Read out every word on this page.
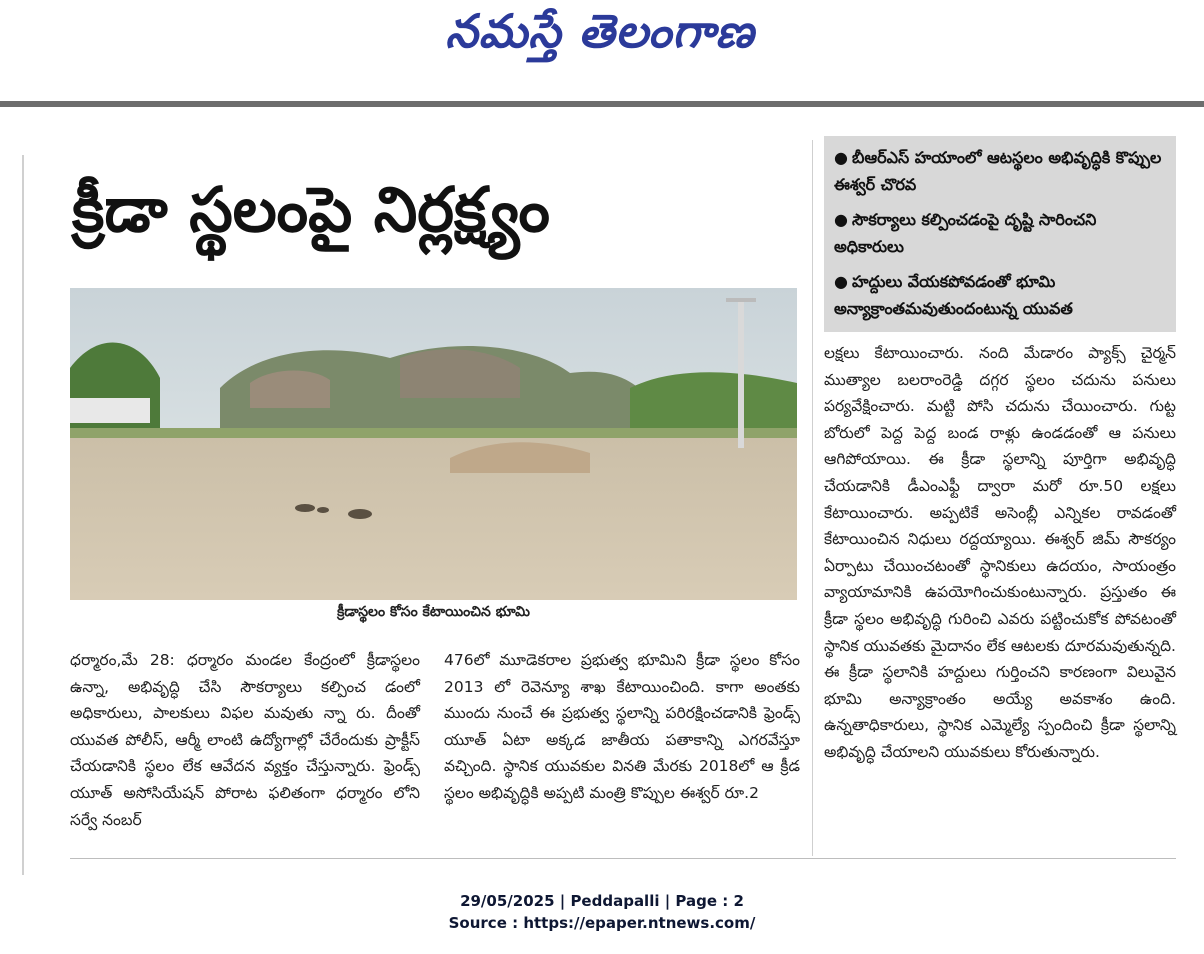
నమస్తే తెలంగాణ
క్రీడా స్థలంపై నిర్లక్ష్యం
● బీఆర్ఎస్ హయాంలో ఆటస్థలం అభివృద్ధికి కొప్పుల ఈశ్వర్ చొరవ
● సౌకర్యాలు కల్పించడంపై దృష్టి సారించని అధికారులు
● హద్దులు వేయకపోవడంతో భూమి అన్యాక్రాంతమవుతుందంటున్న యువత
క్రీడాస్థలం కోసం కేటాయించిన భూమి

ధర్మారం,మే 28: ధర్మారం మండల కేంద్రంలో క్రీడాస్థలం ఉన్నా, అభివృద్ధి చేసి సౌకర్యాలు కల్పించ డంలో అధికారులు, పాలకులు విఫల మవుతు న్నా రు. దీంతో యువత పోలీస్, ఆర్మీ లాంటి ఉద్యోగాల్లో చేరేందుకు ప్రాక్టీస్ చేయడానికి స్థలం లేక ఆవేదన వ్యక్తం చేస్తున్నారు. ఫ్రెండ్స్ యూత్ అసోసియేషన్ పోరాట ఫలితంగా ధర్మారం లోని సర్వే నంబర్

476లో మూడెకరాల ప్రభుత్వ భూమిని క్రీడా స్థలం కోసం 2013 లో రెవెన్యూ శాఖ కేటాయించింది. కాగా అంతకు ముందు నుంచే ఈ ప్రభుత్వ స్థలాన్ని పరిరక్షించడానికి ఫ్రెండ్స్ యూత్ ఏటా అక్కడ జాతీయ పతాకాన్ని ఎగరవేస్తూ వచ్చింది. స్థానిక యువకుల వినతి మేరకు 2018లో ఆ క్రీడ స్థలం అభివృద్ధికి అప్పటి మంత్రి కొప్పుల ఈశ్వర్ రూ.2

లక్షలు కేటాయించారు. నంది మేడారం ప్యాక్స్ చైర్మన్ ముత్యాల బలరాంరెడ్డి దగ్గర స్థలం చదును పనులు పర్యవేక్షించారు. మట్టి పోసి చదును చేయించారు. గుట్ట బోరులో పెద్ద పెద్ద బండ రాళ్లు ఉండడంతో ఆ పనులు ఆగిపోయాయి. ఈ క్రీడా స్థలాన్ని పూర్తిగా అభివృద్ధి చేయడానికి డీఎంఎఫ్టీ ద్వారా మరో రూ.50 లక్షలు కేటాయించారు. అప్పటికే అసెంబ్లీ ఎన్నికల రావడంతో కేటాయించిన నిధులు రద్దయ్యాయి. ఈశ్వర్ జిమ్ సౌకర్యం ఏర్పాటు చేయించటంతో స్థానికులు ఉదయం, సాయంత్రం వ్యాయామానికి ఉపయోగించుకుంటున్నారు. ప్రస్తుతం ఈ క్రీడా స్థలం అభివృద్ధి గురించి ఎవరు పట్టించుకోక పోవటంతో స్థానిక యువతకు మైదానం లేక ఆటలకు దూరమవుతున్నది. ఈ క్రీడా స్థలానికి హద్దులు గుర్తించని కారణంగా విలువైన భూమి అన్యాక్రాంతం అయ్యే అవకాశం ఉంది. ఉన్నతాధికారులు, స్థానిక ఎమ్మెల్యే స్పందించి క్రీడా స్థలాన్ని అభివృద్ధి చేయాలని యువకులు కోరుతున్నారు.

29/05/2025 | Peddapalli | Page : 2
Source : https://epaper.ntnews.com/
